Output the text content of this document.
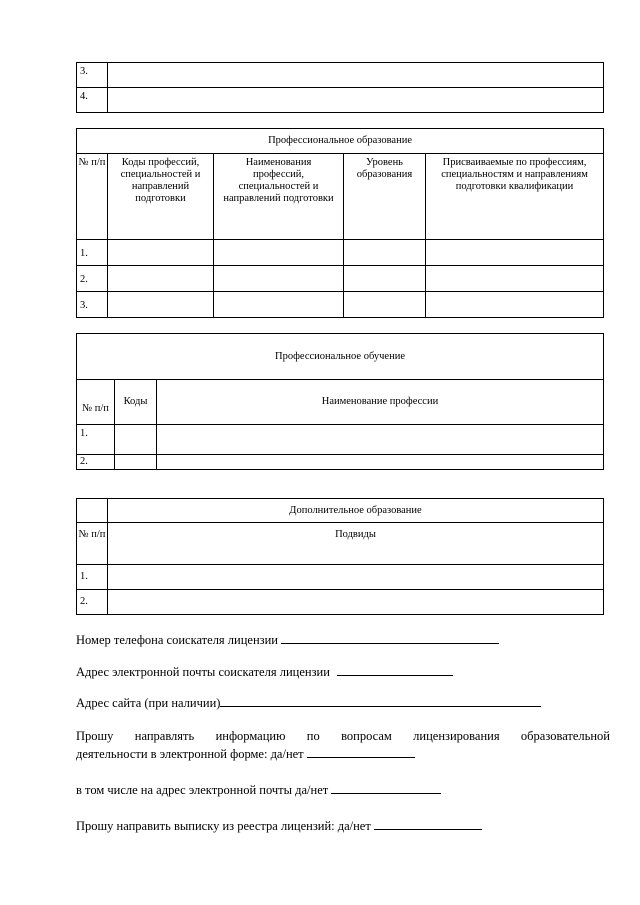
3.	
4.	
Профессиональное образование				
№ п/п	Коды профессий, специальностей и направлений подготовки	Наименования профессий, специальностей и направлений подготовки	Уровень образования	Присваиваемые по профессиям, специальностям и направлениям подготовки квалификации
1.				
2.				
3.				
Профессиональное обучение		
№ п/п	Коды	Наименование профессии
1.		
2.		
	Дополнительное образование
№ п/п	Подвиды
1.	
2.	
Номер телефона соискателя лицензии
Адрес электронной почты соискателя лицензии
Адрес сайта (при наличии)
Прошу направлять информацию по вопросам лицензирования образовательной
деятельности в электронной форме: да/нет
в том числе на адрес электронной почты да/нет
Прошу направить выписку из реестра лицензий: да/нет
